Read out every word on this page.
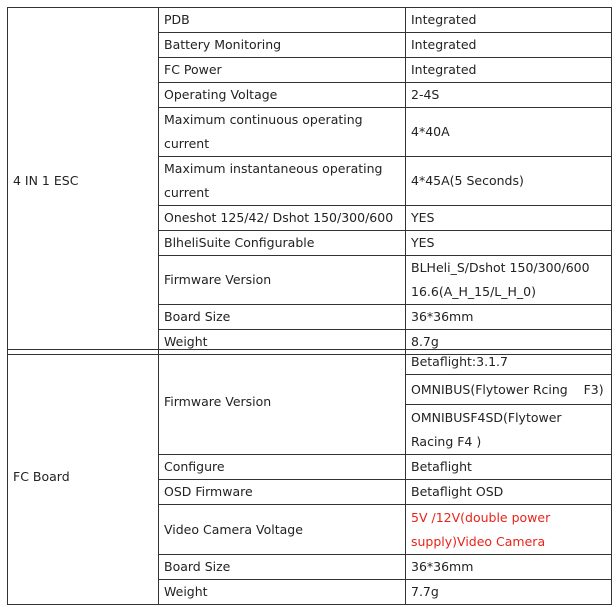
4 IN 1 ESC	PDB	Integrated
	Battery Monitoring	Integrated
	FC Power	Integrated
	Operating Voltage	2-4S
	Maximum continuous operating current	4*40A
	Maximum instantaneous operating current	4*45A(5 Seconds)
	Oneshot 125/42/ Dshot 150/300/600	YES
	BlheliSuite Configurable	YES
	Firmware Version	BLHeli_S/Dshot 150/300/600 16.6(A_H_15/L_H_0)
	Board Size	36*36mm
	Weight	8.7g
FC Board	Firmware Version	Betaflight:3.1.7
		OMNIBUS(Flytower Rcing    F3)
		OMNIBUSF4SD(Flytower Racing F4 )
	Configure	Betaflight
	OSD Firmware	Betaflight OSD
	Video Camera Voltage	5V /12V(double power supply)Video Camera
	Board Size	36*36mm
	Weight	7.7g
